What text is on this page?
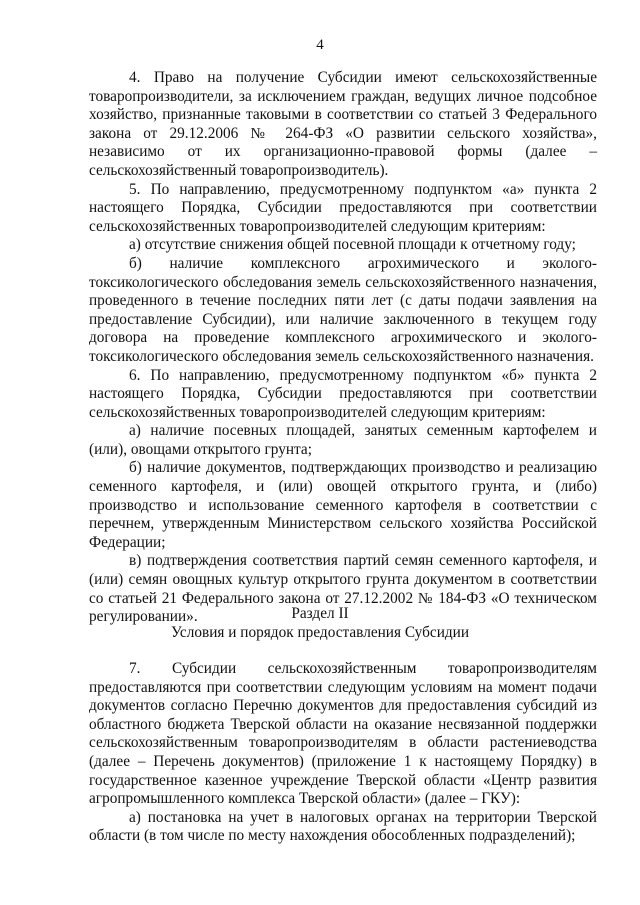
4

4. Право на получение Субсидии имеют сельскохозяйственные товаропроизводители, за исключением граждан, ведущих личное подсобное хозяйство, признанные таковыми в соответствии со статьей 3 Федерального закона от 29.12.2006 № 264-ФЗ «О развитии сельского хозяйства», независимо от их организационно-правовой формы (далее – сельскохозяйственный товаропроизводитель).

5. По направлению, предусмотренному подпунктом «а» пункта 2 настоящего Порядка, Субсидии предоставляются при соответствии сельскохозяйственных товаропроизводителей следующим критериям:

а) отсутствие снижения общей посевной площади к отчетному году;

б) наличие комплексного агрохимического и эколого-токсикологического обследования земель сельскохозяйственного назначения, проведенного в течение последних пяти лет (с даты подачи заявления на предоставление Субсидии), или наличие заключенного в текущем году договора на проведение комплексного агрохимического и эколого-токсикологического обследования земель сельскохозяйственного назначения.

6. По направлению, предусмотренному подпунктом «б» пункта 2 настоящего Порядка, Субсидии предоставляются при соответствии сельскохозяйственных товаропроизводителей следующим критериям:

а) наличие посевных площадей, занятых семенным картофелем и (или), овощами открытого грунта;

б) наличие документов, подтверждающих производство и реализацию семенного картофеля, и (или) овощей открытого грунта, и (либо) производство и использование семенного картофеля в соответствии с перечнем, утвержденным Министерством сельского хозяйства Российской Федерации;

в) подтверждения соответствия партий семян семенного картофеля, и (или) семян овощных культур открытого грунта документом в соответствии со статьей 21 Федерального закона от 27.12.2002 № 184-ФЗ «О техническом регулировании».	Раздел II
Условия и порядок предоставления Субсидии

7. Субсидии сельскохозяйственным товаропроизводителям предоставляются при соответствии следующим условиям на момент подачи документов согласно Перечню документов для предоставления субсидий из областного бюджета Тверской области на оказание несвязанной поддержки сельскохозяйственным товаропроизводителям в области растениеводства (далее – Перечень документов) (приложение 1 к настоящему Порядку) в государственное казенное учреждение Тверской области «Центр развития агропромышленного комплекса Тверской области» (далее – ГКУ):

а) постановка на учет в налоговых органах на территории Тверской области (в том числе по месту нахождения обособленных подразделений);
